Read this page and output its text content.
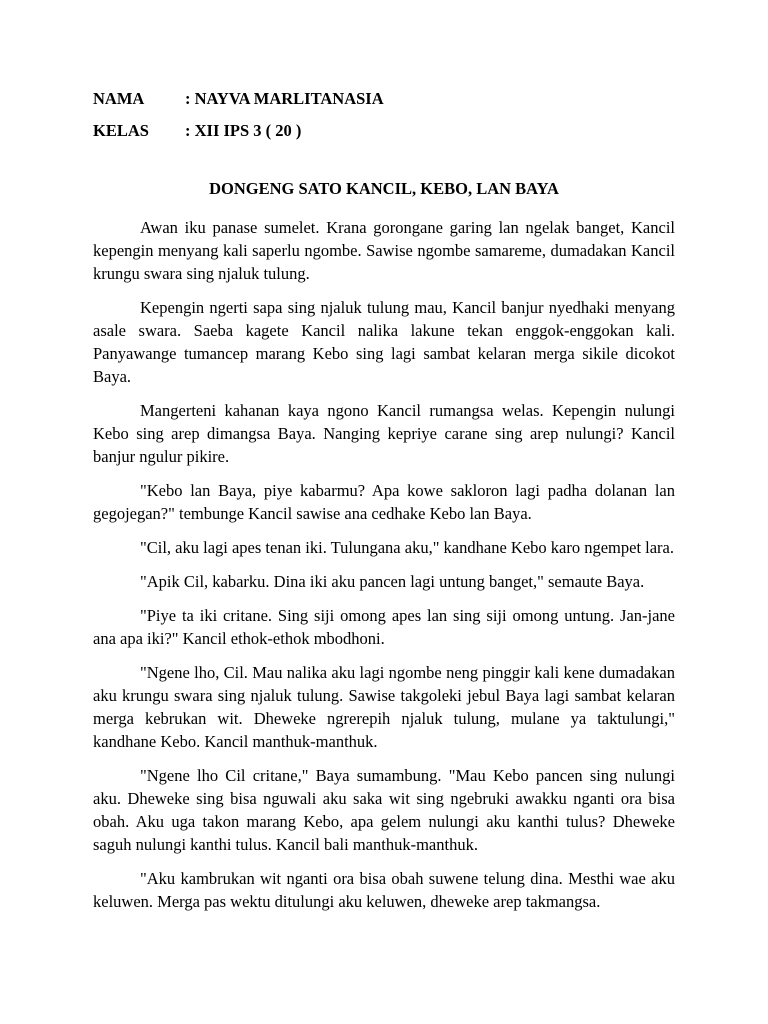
NAMA	: NAYVA MARLITANASIA
KELAS	: XII IPS 3 ( 20 )
DONGENG SATO KANCIL, KEBO, LAN BAYA

Awan iku panase sumelet. Krana gorongane garing lan ngelak banget, Kancil kepengin menyang kali saperlu ngombe. Sawise ngombe samareme, dumadakan Kancil krungu swara sing njaluk tulung.

Kepengin ngerti sapa sing njaluk tulung mau, Kancil banjur nyedhaki menyang asale swara. Saeba kagete Kancil nalika lakune tekan enggok-enggokan kali. Panyawange tumancep marang Kebo sing lagi sambat kelaran merga sikile dicokot Baya.

Mangerteni kahanan kaya ngono Kancil rumangsa welas. Kepengin nulungi Kebo sing arep dimangsa Baya. Nanging kepriye carane sing arep nulungi? Kancil banjur ngulur pikire.

"Kebo lan Baya, piye kabarmu? Apa kowe sakloron lagi padha dolanan lan gegojegan?" tembunge Kancil sawise ana cedhake Kebo lan Baya.

"Cil, aku lagi apes tenan iki. Tulungana aku," kandhane Kebo karo ngempet lara.

"Apik Cil, kabarku. Dina iki aku pancen lagi untung banget," semaute Baya.

"Piye ta iki critane. Sing siji omong apes lan sing siji omong untung. Jan-jane ana apa iki?" Kancil ethok-ethok mbodhoni.

"Ngene lho, Cil. Mau nalika aku lagi ngombe neng pinggir kali kene dumadakan aku krungu swara sing njaluk tulung. Sawise takgoleki jebul Baya lagi sambat kelaran merga kebrukan wit. Dheweke ngrerepih njaluk tulung, mulane ya taktulungi," kandhane Kebo. Kancil manthuk-manthuk.

"Ngene lho Cil critane," Baya sumambung. "Mau Kebo pancen sing nulungi aku. Dheweke sing bisa nguwali aku saka wit sing ngebruki awakku nganti ora bisa obah. Aku uga takon marang Kebo, apa gelem nulungi aku kanthi tulus? Dheweke saguh nulungi kanthi tulus. Kancil bali manthuk-manthuk.

"Aku kambrukan wit nganti ora bisa obah suwene telung dina. Mesthi wae aku keluwen. Merga pas wektu ditulungi aku keluwen, dheweke arep takmangsa.
